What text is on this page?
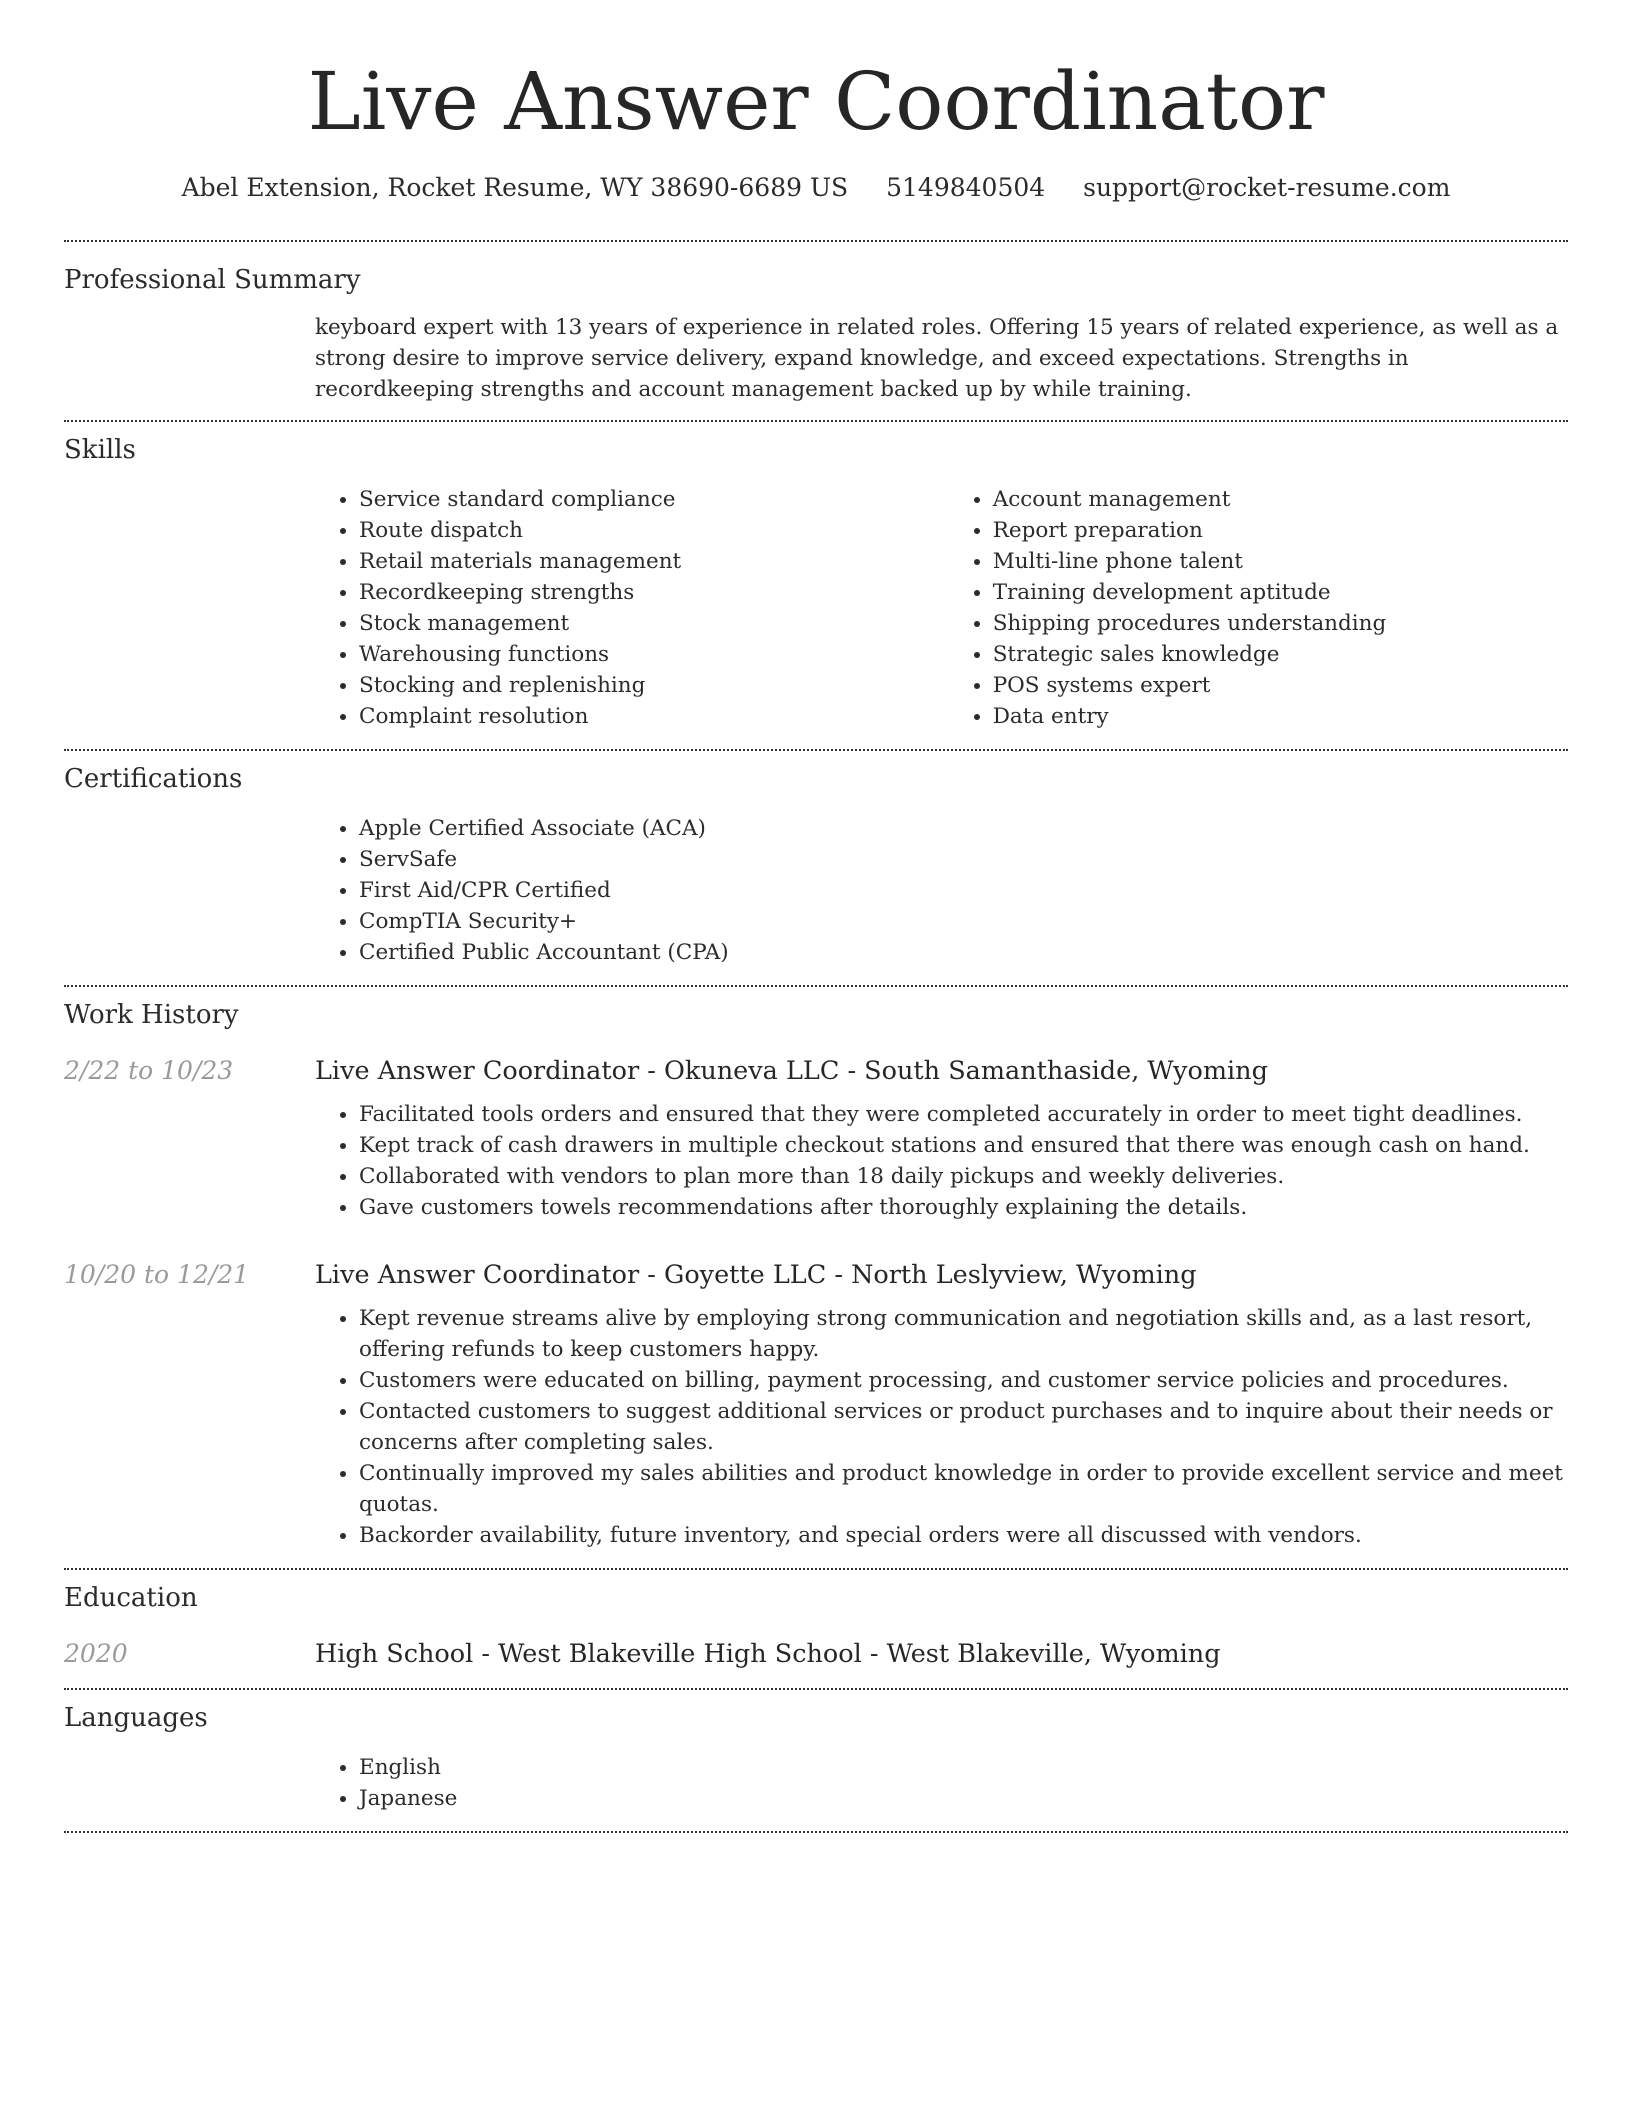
Live Answer Coordinator
Abel Extension, Rocket Resume, WY 38690-6689 US 5149840504 support@rocket-resume.com
Professional Summary
keyboard expert with 13 years of experience in related roles. Offering 15 years of related experience, as well as a strong desire to improve service delivery, expand knowledge, and exceed expectations. Strengths in recordkeeping strengths and account management backed up by while training.
Skills
• Service standard compliance
• Route dispatch
• Retail materials management
• Recordkeeping strengths
• Stock management
• Warehousing functions
• Stocking and replenishing
• Complaint resolution
• Account management
• Report preparation
• Multi-line phone talent
• Training development aptitude
• Shipping procedures understanding
• Strategic sales knowledge
• POS systems expert
• Data entry
Certifications
• Apple Certified Associate (ACA)
• ServSafe
• First Aid/CPR Certified
• CompTIA Security+
• Certified Public Accountant (CPA)
Work History
2/22 to 10/23	Live Answer Coordinator - Okuneva LLC - South Samanthaside, Wyoming
• Facilitated tools orders and ensured that they were completed accurately in order to meet tight deadlines.
• Kept track of cash drawers in multiple checkout stations and ensured that there was enough cash on hand.
• Collaborated with vendors to plan more than 18 daily pickups and weekly deliveries.
• Gave customers towels recommendations after thoroughly explaining the details.
10/20 to 12/21	Live Answer Coordinator - Goyette LLC - North Leslyview, Wyoming
• Kept revenue streams alive by employing strong communication and negotiation skills and, as a last resort, offering refunds to keep customers happy.
• Customers were educated on billing, payment processing, and customer service policies and procedures.
• Contacted customers to suggest additional services or product purchases and to inquire about their needs or concerns after completing sales.
• Continually improved my sales abilities and product knowledge in order to provide excellent service and meet quotas.
• Backorder availability, future inventory, and special orders were all discussed with vendors.
Education
2020	High School - West Blakeville High School - West Blakeville, Wyoming
Languages
• English
• Japanese
